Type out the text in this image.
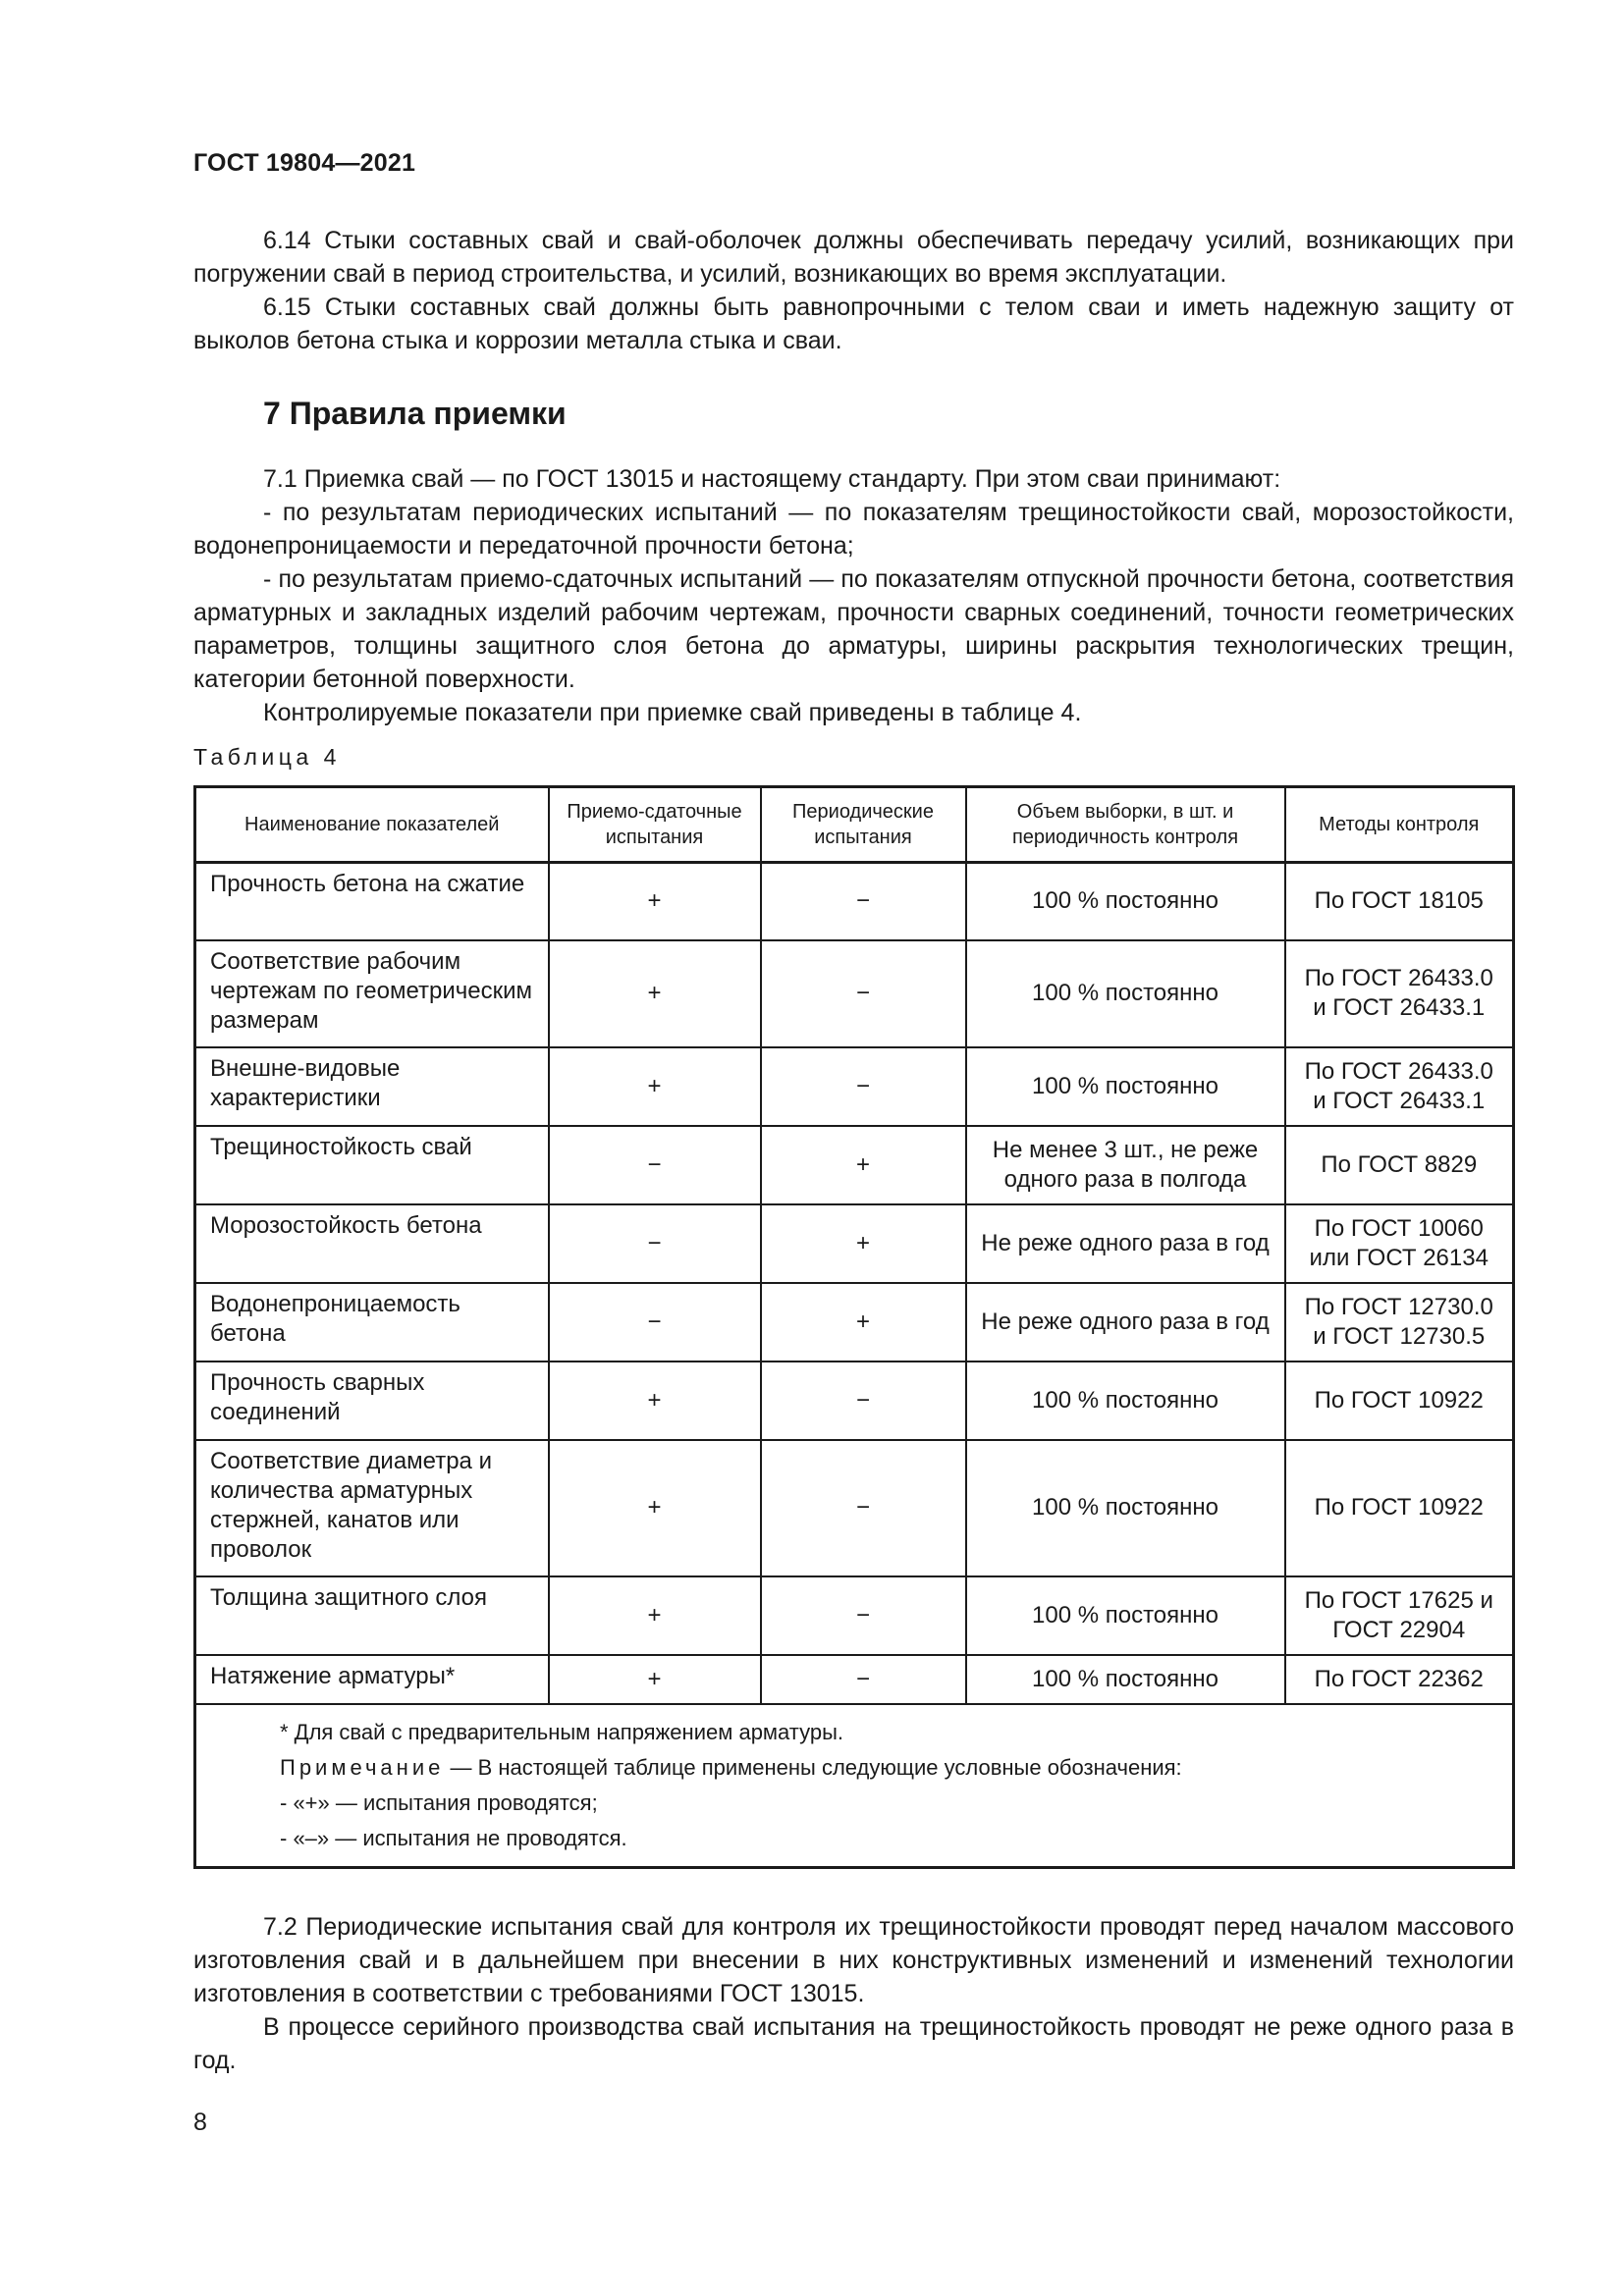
ГОСТ 19804—2021
6.14 Стыки составных свай и свай-оболочек должны обеспечивать передачу усилий, возникающих при погружении свай в период строительства, и усилий, возникающих во время эксплуатации.
6.15 Стыки составных свай должны быть равнопрочными с телом сваи и иметь надежную защиту от выколов бетона стыка и коррозии металла стыка и сваи.
7 Правила приемки
7.1 Приемка свай — по ГОСТ 13015 и настоящему стандарту. При этом сваи принимают:
- по результатам периодических испытаний — по показателям трещиностойкости свай, морозостойкости, водонепроницаемости и передаточной прочности бетона;
- по результатам приемо-сдаточных испытаний — по показателям отпускной прочности бетона, соответствия арматурных и закладных изделий рабочим чертежам, прочности сварных соединений, точности геометрических параметров, толщины защитного слоя бетона до арматуры, ширины раскрытия технологических трещин, категории бетонной поверхности.
Контролируемые показатели при приемке свай приведены в таблице 4.
Таблица 4
Наименование показателей	Приемо-сдаточные испытания	Периодические испытания	Объем выборки, в шт. и периодичность контроля	Методы контроля
Прочность бетона на сжатие	+	−	100 % постоянно	По ГОСТ 18105
Соответствие рабочим чертежам по геометрическим размерам	+	−	100 % постоянно	По ГОСТ 26433.0 и ГОСТ 26433.1
Внешне-видовые характеристики	+	−	100 % постоянно	По ГОСТ 26433.0 и ГОСТ 26433.1
Трещиностойкость свай	−	+	Не менее 3 шт., не реже одного раза в полгода	По ГОСТ 8829
Морозостойкость бетона	−	+	Не реже одного раза в год	По ГОСТ 10060 или ГОСТ 26134
Водонепроницаемость бетона	−	+	Не реже одного раза в год	По ГОСТ 12730.0 и ГОСТ 12730.5
Прочность сварных соединений	+	−	100 % постоянно	По ГОСТ 10922
Соответствие диаметра и количества арматурных стержней, канатов или проволок	+	−	100 % постоянно	По ГОСТ 10922
Толщина защитного слоя	+	−	100 % постоянно	По ГОСТ 17625 и ГОСТ 22904
Натяжение арматуры*	+	−	100 % постоянно	По ГОСТ 22362

* Для свай с предварительным напряжением арматуры.
Примечание — В настоящей таблице применены следующие условные обозначения:
- «+» — испытания проводятся;
- «–» — испытания не проводятся.				
7.2 Периодические испытания свай для контроля их трещиностойкости проводят перед началом массового изготовления свай и в дальнейшем при внесении в них конструктивных изменений и изменений технологии изготовления в соответствии с требованиями ГОСТ 13015.
В процессе серийного производства свай испытания на трещиностойкость проводят не реже одного раза в год.
8
